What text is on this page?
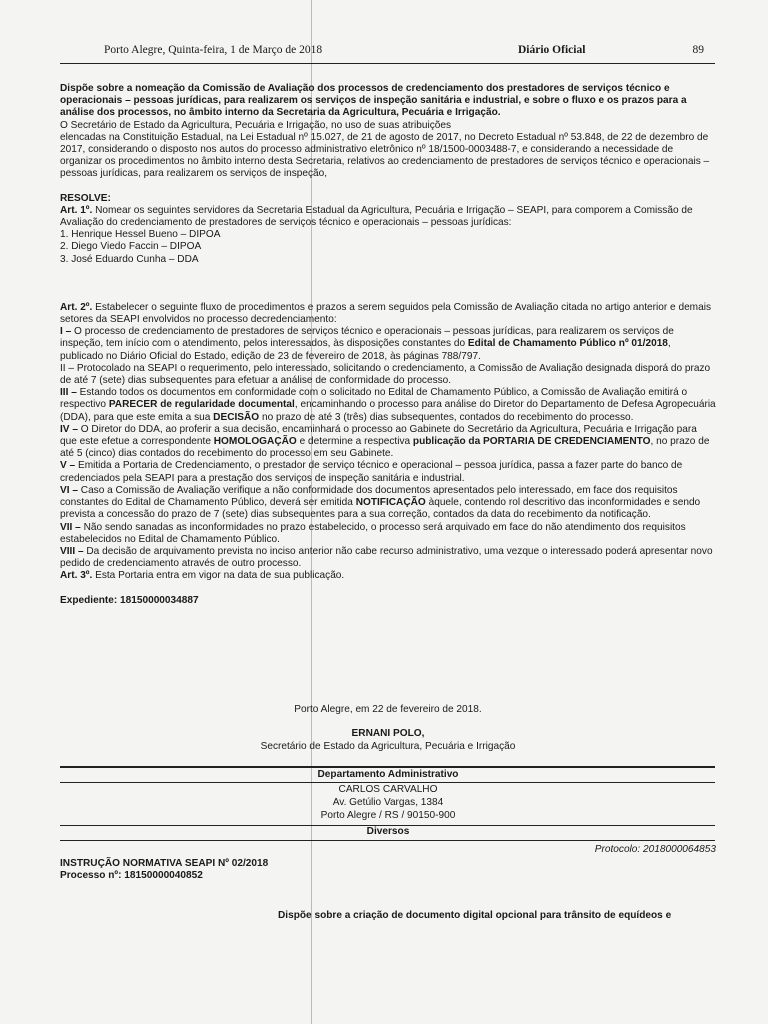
Porto Alegre, Quinta-feira, 1 de Março de 2018	Diário Oficial	89

Dispõe sobre a nomeação da Comissão de Avaliação dos processos de credenciamento dos prestadores de serviços técnico e operacionais – pessoas jurídicas, para realizarem os serviços de inspeção sanitária e industrial, e sobre o fluxo e os prazos para a análise dos processos, no âmbito interno da Secretaria da Agricultura, Pecuária e Irrigação.

O Secretário de Estado da Agricultura, Pecuária e Irrigação, no uso de suas atribuições

elencadas na Constituição Estadual, na Lei Estadual nº 15.027, de 21 de agosto de 2017, no Decreto Estadual nº 53.848, de 22 de dezembro de 2017, considerando o disposto nos autos do processo administrativo eletrônico nº 18/1500-0003488-7, e considerando a necessidade de organizar os procedimentos no âmbito interno desta Secretaria, relativos ao credenciamento de prestadores de serviços técnico e operacionais – pessoas jurídicas, para realizarem os serviços de inspeção,

RESOLVE:

Art. 1º. Nomear os seguintes servidores da Secretaria Estadual da Agricultura, Pecuária e Irrigação – SEAPI, para comporem a Comissão de Avaliação do credenciamento de prestadores de serviços técnico e operacionais – pessoas jurídicas:

1. Henrique Hessel Bueno – DIPOA

2. Diego Viedo Faccin – DIPOA

3. José Eduardo Cunha – DDA

Art. 2º. Estabelecer o seguinte fluxo de procedimentos e prazos a serem seguidos pela Comissão de Avaliação citada no artigo anterior e demais setores da SEAPI envolvidos no processo decredenciamento:

I – O processo de credenciamento de prestadores de serviços técnico e operacionais – pessoas jurídicas, para realizarem os serviços de inspeção, tem início com o atendimento, pelos interessados, às disposições constantes do Edital de Chamamento Público nº 01/2018, publicado no Diário Oficial do Estado, edição de 23 de fevereiro de 2018, às páginas 788/797.

II – Protocolado na SEAPI o requerimento, pelo interessado, solicitando o credenciamento, a Comissão de Avaliação designada disporá do prazo de até 7 (sete) dias subsequentes para efetuar a análise de conformidade do processo.

III – Estando todos os documentos em conformidade com o solicitado no Edital de Chamamento Público, a Comissão de Avaliação emitirá o respectivo PARECER de regularidade documental, encaminhando o processo para análise do Diretor do Departamento de Defesa Agropecuária (DDA), para que este emita a sua DECISÃO no prazo de até 3 (três) dias subsequentes, contados do recebimento do processo.

IV – O Diretor do DDA, ao proferir a sua decisão, encaminhará o processo ao Gabinete do Secretário da Agricultura, Pecuária e Irrigação para que este efetue a correspondente HOMOLOGAÇÃO e determine a respectiva publicação da PORTARIA DE CREDENCIAMENTO, no prazo de até 5 (cinco) dias contados do recebimento do processo em seu Gabinete.

V – Emitida a Portaria de Credenciamento, o prestador de serviço técnico e operacional – pessoa jurídica, passa a fazer parte do banco de credenciados pela SEAPI para a prestação dos serviços de inspeção sanitária e industrial.

VI – Caso a Comissão de Avaliação verifique a não conformidade dos documentos apresentados pelo interessado, em face dos requisitos constantes do Edital de Chamamento Público, deverá ser emitida NOTIFICAÇÃO àquele, contendo rol descritivo das inconformidades e sendo prevista a concessão do prazo de 7 (sete) dias subsequentes para a sua correção, contados da data do recebimento da notificação.

VII – Não sendo sanadas as inconformidades no prazo estabelecido, o processo será arquivado em face do não atendimento dos requisitos estabelecidos no Edital de Chamamento Público.

VIII – Da decisão de arquivamento prevista no inciso anterior não cabe recurso administrativo, uma vezque o interessado poderá apresentar novo pedido de credenciamento através de outro processo.

Art. 3º. Esta Portaria entra em vigor na data de sua publicação.

Expediente: 18150000034887

Porto Alegre, em 22 de fevereiro de 2018.
ERNANI POLO,
Secretário de Estado da Agricultura, Pecuária e Irrigação
Departamento Administrativo
CARLOS CARVALHO
Av. Getúlio Vargas, 1384
Porto Alegre / RS / 90150-900
Diversos
Protocolo: 2018000064853
INSTRUÇÃO NORMATIVA SEAPI Nº 02/2018
Processo nº: 18150000040852
Dispõe sobre a criação de documento digital opcional para trânsito de equídeos e
